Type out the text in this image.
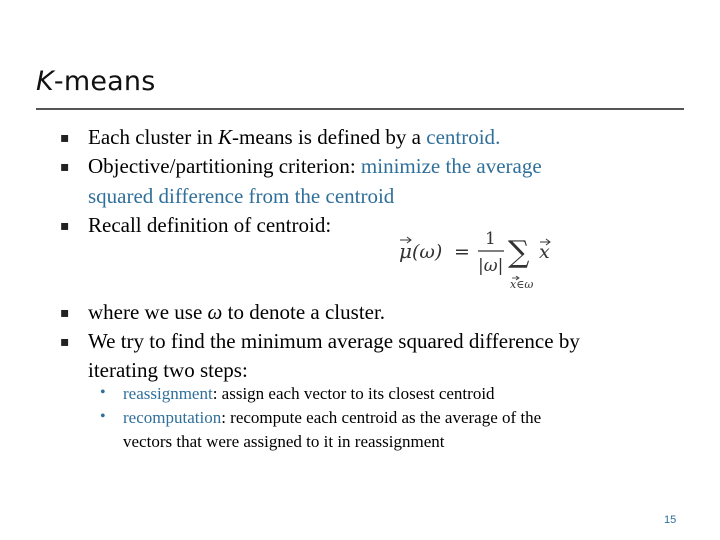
K-means
▪ Each cluster in K-means is defined by a centroid.
▪ Objective/partitioning criterion: minimize the average
squared difference from the centroid
▪ Recall definition of centroid:
▪ where we use ω to denote a cluster.
▪ We try to find the minimum average squared difference by
iterating two steps:
• reassignment: assign each vector to its closest centroid
• recomputation: recompute each centroid as the average of the
vectors that were assigned to it in reassignment
μ (ω) =
1
|ω| ∑
x∈ω
x
15
